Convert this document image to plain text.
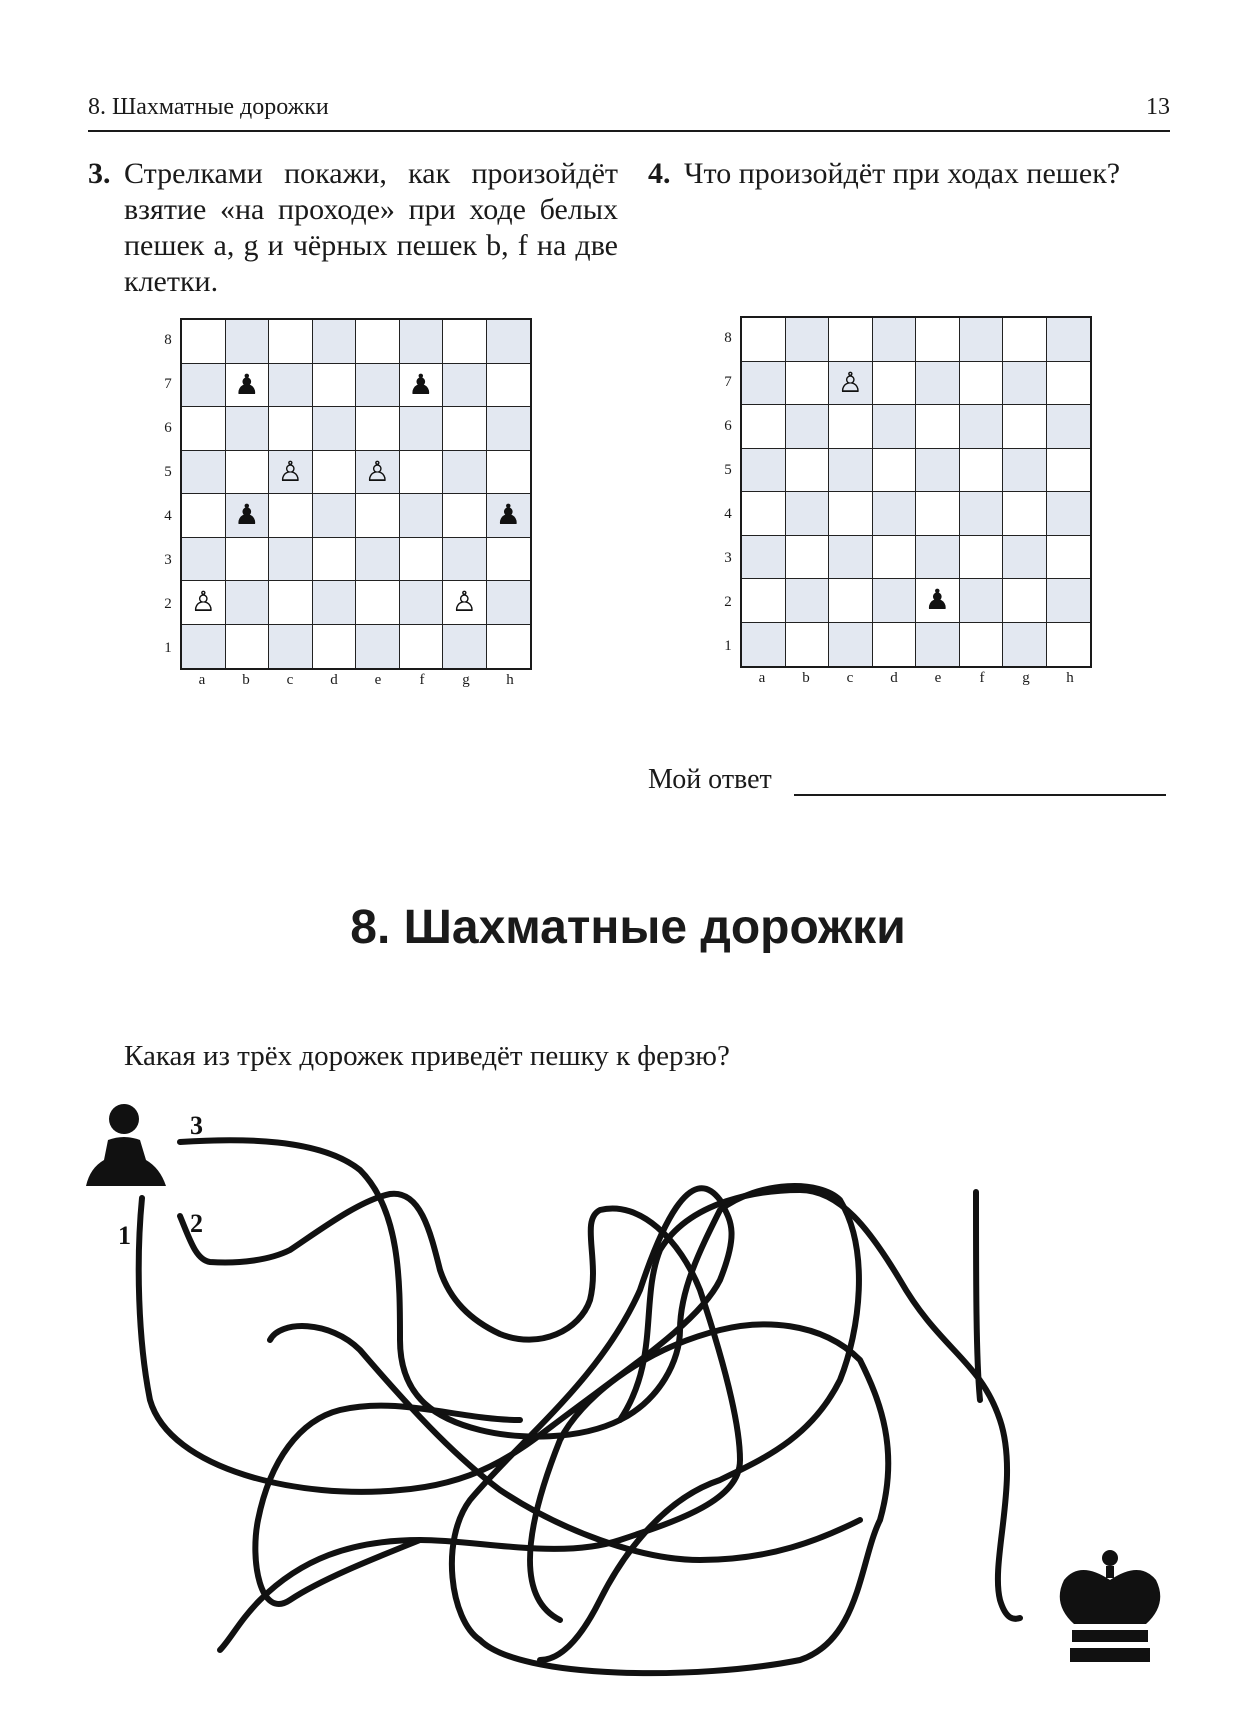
8. Шахматные дорожки	13
3. Стрелками покажи, как произойдёт взятие «на проходе» при ходе белых пешек a, g и чёрных пешек b, f на две клетки.
4. Что произойдёт при ходах пешек?
8
7
6
5
4
3
2
1
♟	♟
♙ ♙
♟	♟
♙	♙
a	b	c	d	e	f	g	h
8
7
6
5
4
3
2
1
♙
♟
a	b	c	d	e	f	g	h
Мой ответ
8. Шахматные дорожки
Какая из трёх дорожек приведёт пешку к ферзю?
3
2
1
